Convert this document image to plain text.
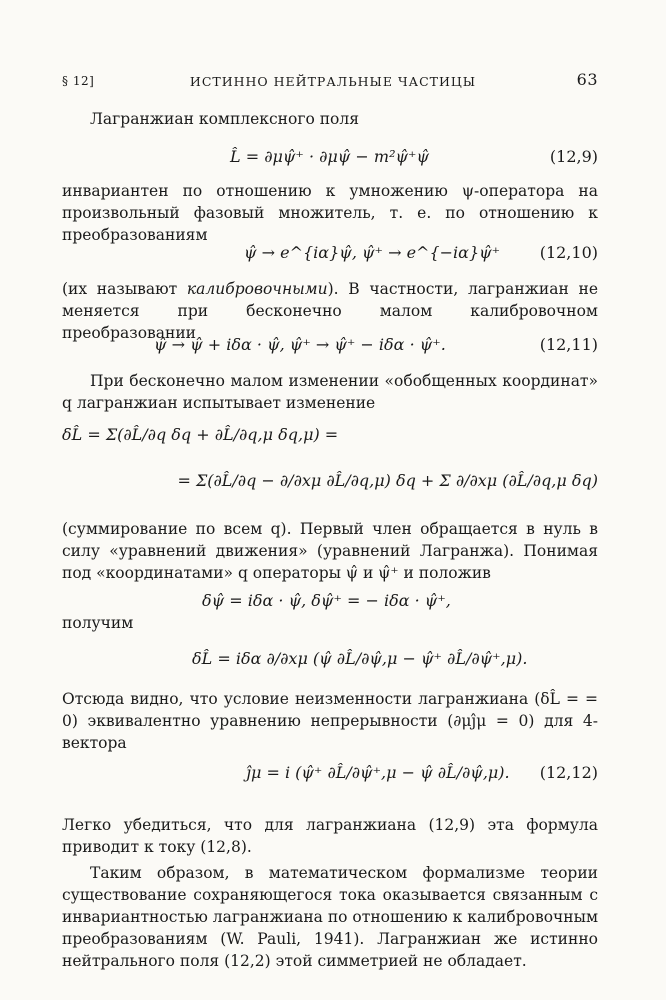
§ 12]	ИСТИННО НЕЙТРАЛЬНЫЕ ЧАСТИЦЫ	63
Лагранжиан комплексного поля
L̂ = ∂μψ̂⁺ · ∂μψ̂ − m²ψ̂⁺ψ̂	(12,9)
инвариантен по отношению к умножению ψ-оператора на произвольный фазовый множитель, т. е. по отношению к преобразованиям
ψ̂ → e^{iα}ψ̂, ψ̂⁺ → e^{−iα}ψ̂⁺ (12,10)
(их называют калибровочными). В частности, лагранжиан не меняется при бесконечно малом калибровочном преобразовании
ψ̂ → ψ̂ + iδα · ψ̂, ψ̂⁺ → ψ̂⁺ − iδα · ψ̂⁺.	(12,11)
При бесконечно малом изменении «обобщенных координат» q лагранжиан испытывает изменение
δL̂ = Σ(∂L̂/∂q δq + ∂L̂/∂q,μ δq,μ) =
= Σ(∂L̂/∂q − ∂/∂xμ ∂L̂/∂q,μ) δq + Σ ∂/∂xμ (∂L̂/∂q,μ δq)
(суммирование по всем q). Первый член обращается в нуль в силу «уравнений движения» (уравнений Лагранжа). Понимая под «координатами» q операторы ψ̂ и ψ̂⁺ и положив
δψ̂ = iδα · ψ̂, δψ̂⁺ = − iδα · ψ̂⁺,
получим
δL̂ = iδα ∂/∂xμ (ψ̂ ∂L̂/∂ψ̂,μ − ψ̂⁺ ∂L̂/∂ψ̂⁺,μ).
Отсюда видно, что условие неизменности лагранжиана (δL̂ = = 0) эквивалентно уравнению непрерывности (∂μĵμ = 0) для 4-вектора
ĵμ = i (ψ̂⁺ ∂L̂/∂ψ̂⁺,μ − ψ̂ ∂L̂/∂ψ̂,μ). (12,12)
Легко убедиться, что для лагранжиана (12,9) эта формула приводит к току (12,8).
Таким образом, в математическом формализме теории существование сохраняющегося тока оказывается связанным с инвариантностью лагранжиана по отношению к калибровочным преобразованиям (W. Pauli, 1941). Лагранжиан же истинно нейтрального поля (12,2) этой симметрией не обладает.
